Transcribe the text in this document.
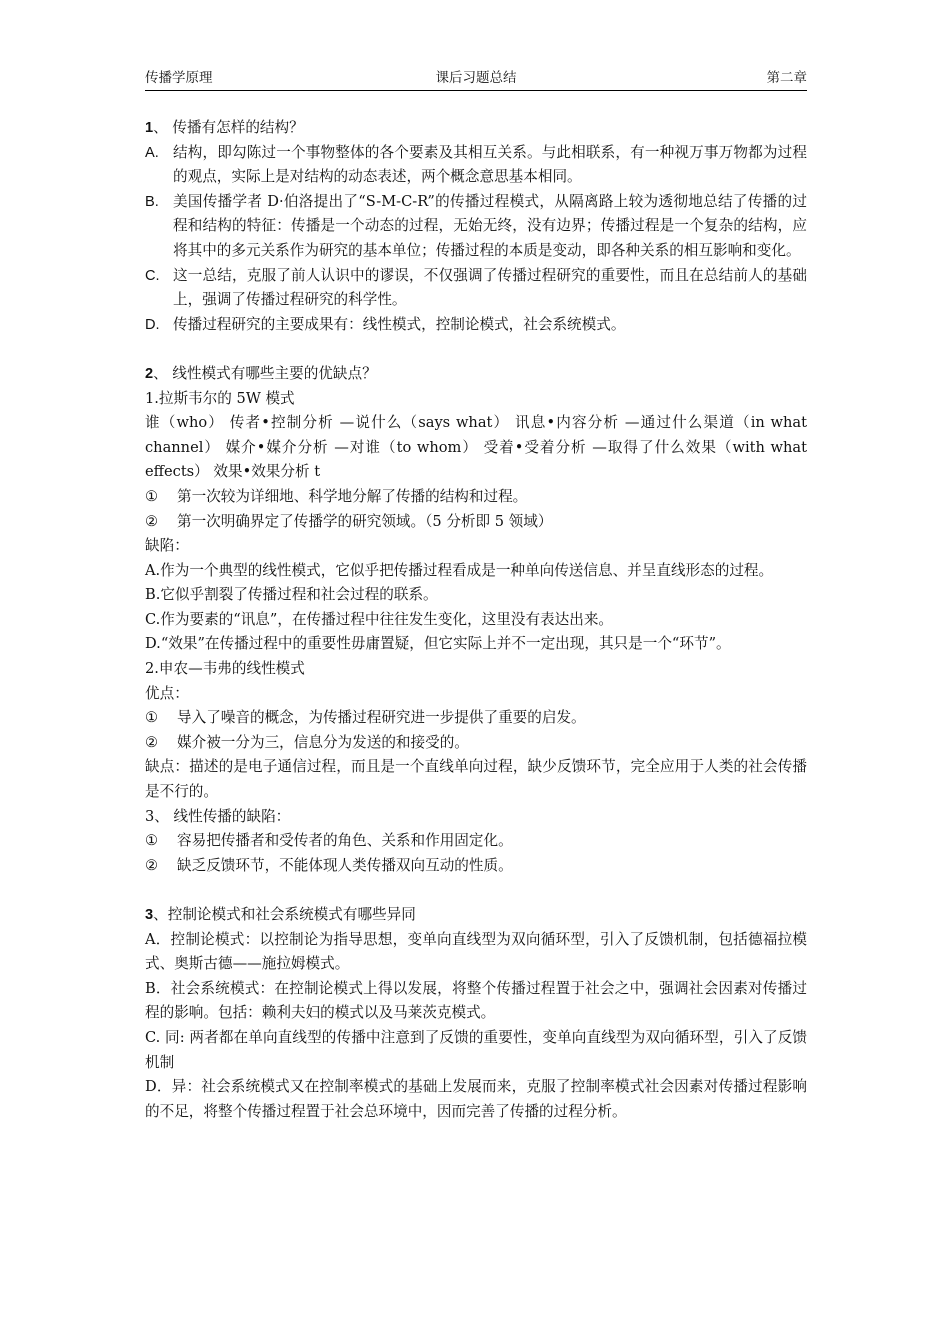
传播学原理	课后习题总结	第二章

1、 传播有怎样的结构？

A. 结构，即勾陈过一个事物整体的各个要素及其相互关系。与此相联系，有一种视万事万物都为过程的观点，实际上是对结构的动态表述，两个概念意思基本相同。

B. 美国传播学者 D·伯洛提出了“S-M-C-R”的传播过程模式，从隔离路上较为透彻地总结了传播的过程和结构的特征：传播是一个动态的过程，无始无终，没有边界；传播过程是一个复杂的结构，应将其中的多元关系作为研究的基本单位；传播过程的本质是变动，即各种关系的相互影响和变化。

C. 这一总结，克服了前人认识中的谬误，不仅强调了传播过程研究的重要性，而且在总结前人的基础上，强调了传播过程研究的科学性。

D. 传播过程研究的主要成果有：线性模式，控制论模式，社会系统模式。

2、 线性模式有哪些主要的优缺点？

1.拉斯韦尔的 5W 模式

谁（who） 传者•控制分析 —说什么（says what） 讯息•内容分析 —通过什么渠道（in what channel） 媒介•媒介分析 —对谁（to whom） 受着•受着分析 —取得了什么效果（with what effects） 效果•效果分析 t

① 第一次较为详细地、科学地分解了传播的结构和过程。

② 第一次明确界定了传播学的研究领域。（5 分析即 5 领域）

缺陷：

A.作为一个典型的线性模式，它似乎把传播过程看成是一种单向传送信息、并呈直线形态的过程。

B.它似乎割裂了传播过程和社会过程的联系。

C.作为要素的“讯息”，在传播过程中往往发生变化，这里没有表达出来。

D.“效果”在传播过程中的重要性毋庸置疑，但它实际上并不一定出现，其只是一个“环节”。

2.申农—韦弗的线性模式

优点：

① 导入了噪音的概念，为传播过程研究进一步提供了重要的启发。

② 媒介被一分为三，信息分为发送的和接受的。

缺点：描述的是电子通信过程，而且是一个直线单向过程，缺少反馈环节，完全应用于人类的社会传播是不行的。

3、 线性传播的缺陷：

① 容易把传播者和受传者的角色、关系和作用固定化。

② 缺乏反馈环节，不能体现人类传播双向互动的性质。

3、控制论模式和社会系统模式有哪些异同

A．控制论模式：以控制论为指导思想，变单向直线型为双向循环型，引入了反馈机制，包括德福拉模式、奥斯古德——施拉姆模式。

B．社会系统模式：在控制论模式上得以发展，将整个传播过程置于社会之中，强调社会因素对传播过程的影响。包括：赖利夫妇的模式以及马莱茨克模式。

C. 同: 两者都在单向直线型的传播中注意到了反馈的重要性，变单向直线型为双向循环型，引入了反馈机制

D．异：社会系统模式又在控制率模式的基础上发展而来，克服了控制率模式社会因素对传播过程影响的不足，将整个传播过程置于社会总环境中，因而完善了传播的过程分析。
